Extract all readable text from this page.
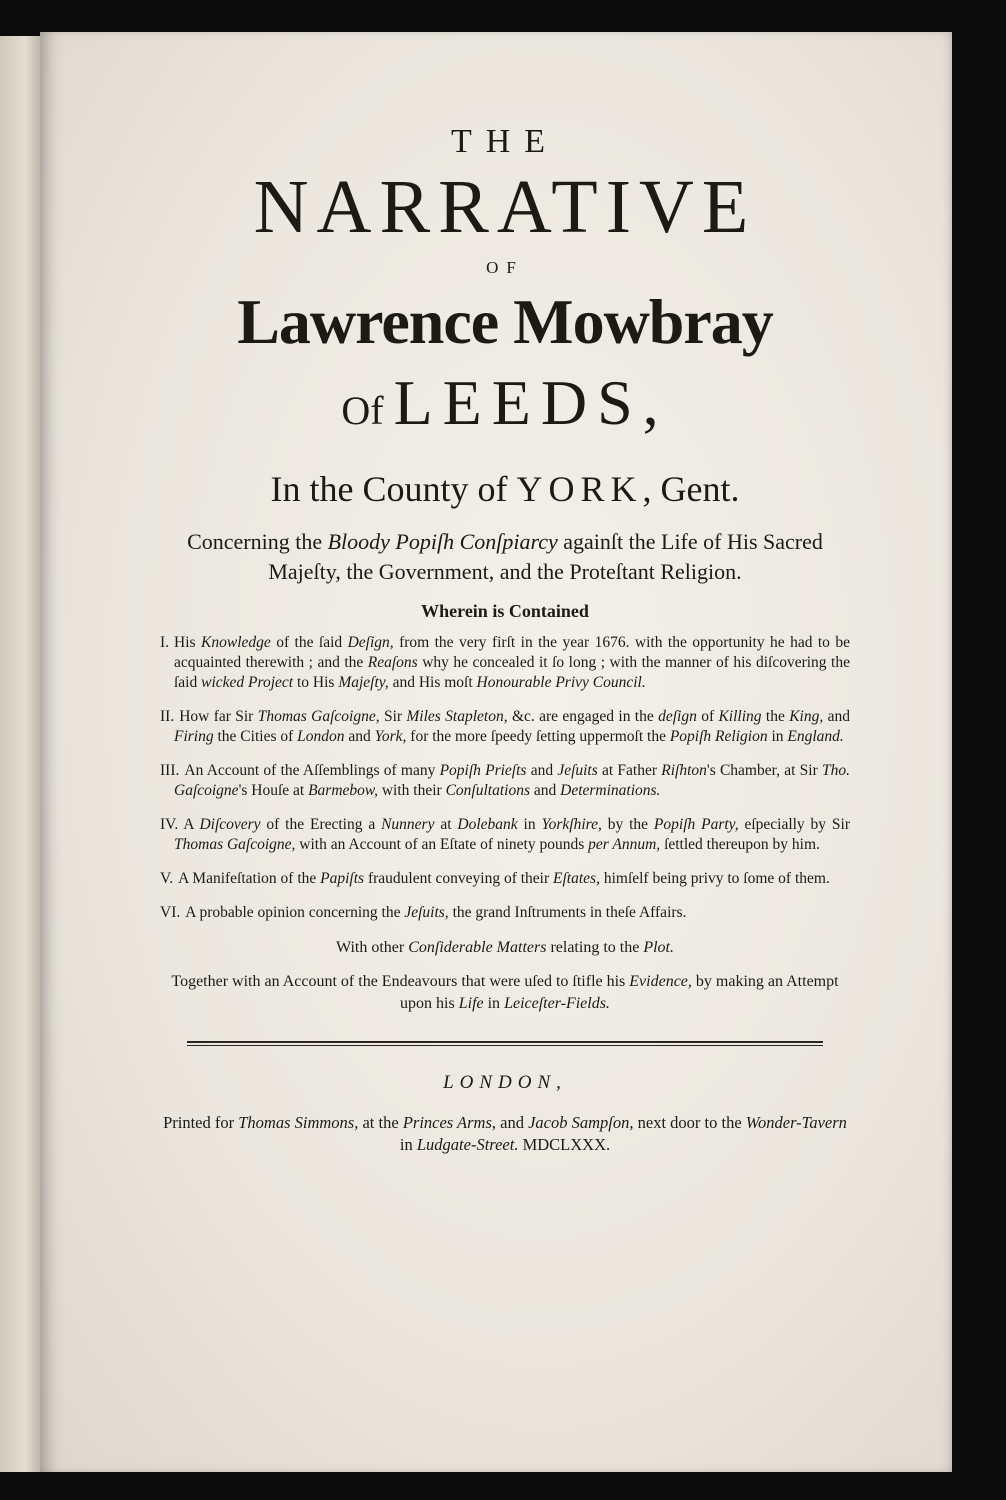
THE
NARRATIVE
OF
Lawrence Mowbray
Of LEEDS,
In the County of YORK, Gent.
Concerning the Bloody Popiſh Conſpiarcy againſt the Life of His Sacred Majeſty, the Government, and the Proteſtant Religion.
Wherein is Contained
I. His Knowledge of the ſaid Deſign, from the very firſt in the year 1676. with the opportunity he had to be acquainted therewith ; and the Reaſons why he concealed it ſo long ; with the manner of his diſcovering the ſaid wicked Project to His Majeſty, and His moſt Honourable Privy Council.
II. How far Sir Thomas Gaſcoigne, Sir Miles Stapleton, &c. are engaged in the deſign of Killing the King, and Firing the Cities of London and York, for the more ſpeedy ſetting uppermoſt the Popiſh Religion in England.
III. An Account of the Aſſemblings of many Popiſh Prieſts and Jeſuits at Father Riſhton's Chamber, at Sir Tho. Gaſcoigne's Houſe at Barmebow, with their Conſultations and Determinations.
IV. A Diſcovery of the Erecting a Nunnery at Dolebank in Yorkſhire, by the Popiſh Party, eſpecially by Sir Thomas Gaſcoigne, with an Account of an Eſtate of ninety pounds per Annum, ſettled thereupon by him.
V. A Manifeſtation of the Papiſts fraudulent conveying of their Eſtates, himſelf being privy to ſome of them.
VI. A probable opinion concerning the Jeſuits, the grand Inſtruments in theſe Affairs.
With other Conſiderable Matters relating to the Plot.
Together with an Account of the Endeavours that were uſed to ſtifle his Evidence, by making an Attempt upon his Life in Leiceſter-Fields.
LONDON,
Printed for Thomas Simmons, at the Princes Arms, and Jacob Sampſon, next door to the Wonder-Tavern in Ludgate-Street. MDCLXXX.
